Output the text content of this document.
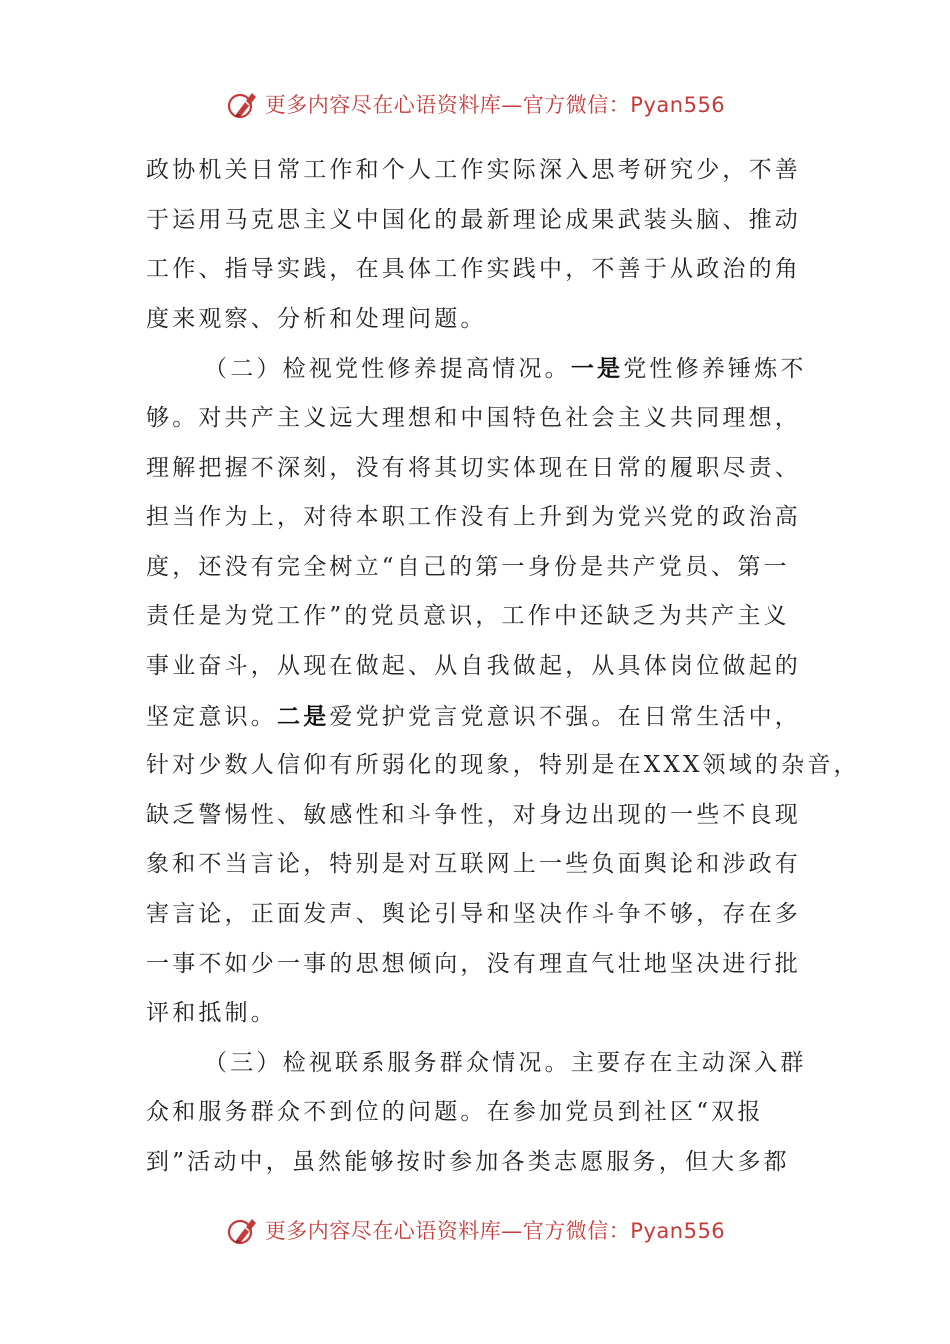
更多内容尽在心语资料库—官方微信：Pyan556
政协机关日常工作和个人工作实际深入思考研究少，不善
于运用马克思主义中国化的最新理论成果武装头脑、推动
工作、指导实践，在具体工作实践中，不善于从政治的角
度来观察、分析和处理问题。
（二）检视党性修养提高情况。一是党性修养锤炼不
够。对共产主义远大理想和中国特色社会主义共同理想，
理解把握不深刻，没有将其切实体现在日常的履职尽责、
担当作为上，对待本职工作没有上升到为党兴党的政治高
度，还没有完全树立“自己的第一身份是共产党员、第一
责任是为党工作”的党员意识，工作中还缺乏为共产主义
事业奋斗，从现在做起、从自我做起，从具体岗位做起的
坚定意识。二是爱党护党言党意识不强。在日常生活中，
针对少数人信仰有所弱化的现象，特别是在XXX领域的杂音，
缺乏警惕性、敏感性和斗争性，对身边出现的一些不良现
象和不当言论，特别是对互联网上一些负面舆论和涉政有
害言论，正面发声、舆论引导和坚决作斗争不够，存在多
一事不如少一事的思想倾向，没有理直气壮地坚决进行批
评和抵制。
（三）检视联系服务群众情况。主要存在主动深入群
众和服务群众不到位的问题。在参加党员到社区“双报
到”活动中，虽然能够按时参加各类志愿服务，但大多都
更多内容尽在心语资料库—官方微信：Pyan556
